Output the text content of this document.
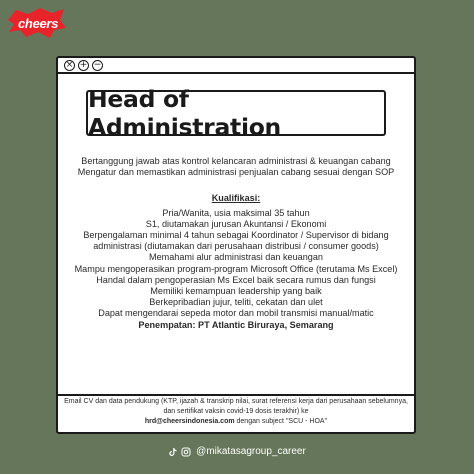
cheers
× + −
Head of Administration

Bertanggung jawab atas kontrol kelancaran administrasi & keuangan cabang

Mengatur dan memastikan administrasi penjualan cabang sesuai dengan SOP

Kualifikasi:

Pria/Wanita, usia maksimal 35 tahun

S1, diutamakan jurusan Akuntansi / Ekonomi

Berpengalaman minimal 4 tahun sebagai Koordinator / Supervisor di bidang administrasi (diutamakan dari perusahaan distribusi / consumer goods)

Memahami alur administrasi dan keuangan

Mampu mengoperasikan program-program Microsoft Office (terutama Ms Excel)

Handal dalam pengoperasian Ms Excel baik secara rumus dan fungsi

Memiliki kemampuan leadership yang baik

Berkepribadian jujur, teliti, cekatan dan ulet

Dapat mengendarai sepeda motor dan mobil transmisi manual/matic

Penempatan: PT Atlantic Biruraya, Semarang

Email CV dan data pendukung (KTP, ijazah & transkrip nilai, surat referensi kerja dari perusahaan sebelumnya, dan sertifikat vaksin covid-19 dosis terakhir) ke

hrd@cheersindonesia.com dengan subject "SCU - HOA"

@mikatasagroup_career
